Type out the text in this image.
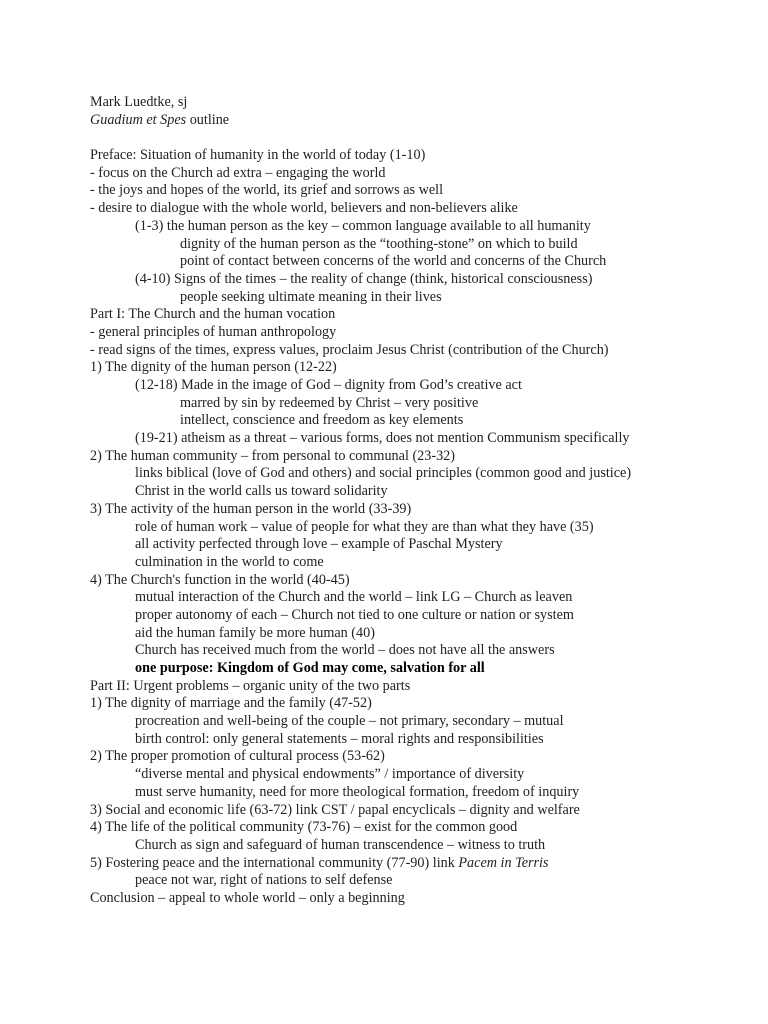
Mark Luedtke, sj
Guadium et Spes outline
Preface: Situation of humanity in the world of today (1-10)
- focus on the Church ad extra – engaging the world
- the joys and hopes of the world, its grief and sorrows as well
- desire to dialogue with the whole world, believers and non-believers alike
(1-3) the human person as the key – common language available to all humanity
dignity of the human person as the “toothing-stone” on which to build
point of contact between concerns of the world and concerns of the Church
(4-10) Signs of the times – the reality of change (think, historical consciousness)
people seeking ultimate meaning in their lives
Part I: The Church and the human vocation
- general principles of human anthropology
- read signs of the times, express values, proclaim Jesus Christ (contribution of the Church)
1) The dignity of the human person (12-22)
(12-18) Made in the image of God – dignity from God’s creative act
marred by sin by redeemed by Christ – very positive
intellect, conscience and freedom as key elements
(19-21) atheism as a threat – various forms, does not mention Communism specifically
2) The human community – from personal to communal (23-32)
links biblical (love of God and others) and social principles (common good and justice)
Christ in the world calls us toward solidarity
3) The activity of the human person in the world (33-39)
role of human work – value of people for what they are than what they have (35)
all activity perfected through love – example of Paschal Mystery
culmination in the world to come
4) The Church's function in the world (40-45)
mutual interaction of the Church and the world – link LG – Church as leaven
proper autonomy of each – Church not tied to one culture or nation or system
aid the human family be more human (40)
Church has received much from the world – does not have all the answers
one purpose: Kingdom of God may come, salvation for all
Part II: Urgent problems – organic unity of the two parts
1) The dignity of marriage and the family (47-52)
procreation and well-being of the couple – not primary, secondary – mutual
birth control: only general statements – moral rights and responsibilities
2) The proper promotion of cultural process (53-62)
“diverse mental and physical endowments” / importance of diversity
must serve humanity, need for more theological formation, freedom of inquiry
3) Social and economic life (63-72) link CST / papal encyclicals – dignity and welfare
4) The life of the political community (73-76) – exist for the common good
Church as sign and safeguard of human transcendence – witness to truth
5) Fostering peace and the international community (77-90) link Pacem in Terris
peace not war, right of nations to self defense
Conclusion – appeal to whole world – only a beginning
